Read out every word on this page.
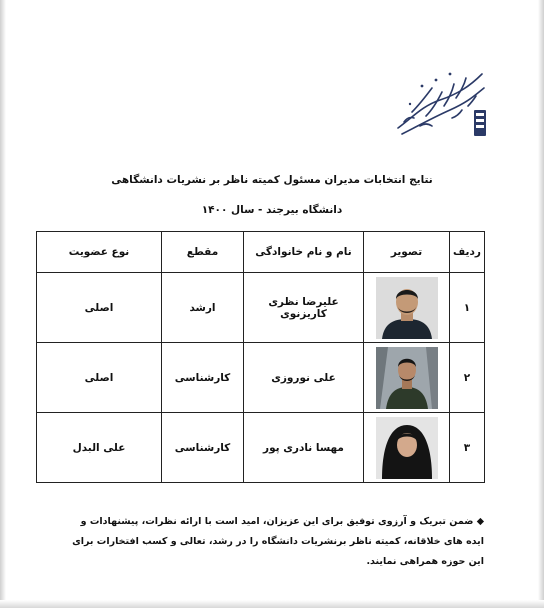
نتایج انتخابات مدیران مسئول کمیته ناظر بر نشریات دانشگاهی
دانشگاه بیرجند - سال ۱۴۰۰
ردیف	تصویر	نام و نام خانوادگی	مقطع	نوع عضویت
۱		علیرضا نظری کاریزنوی	ارشد	اصلی
۲		علی نوروزی	کارشناسی	اصلی
۳		مهسا نادری پور	کارشناسی	علی البدل
◆ ضمن تبریک و آرزوی توفیق برای این عزیزان، امید است با ارائه نظرات، پیشنهادات و ایده های خلاقانه، کمیته ناظر برنشریات دانشگاه را در رشد، تعالی و کسب افتخارات برای این حوزه همراهی نمایند.
